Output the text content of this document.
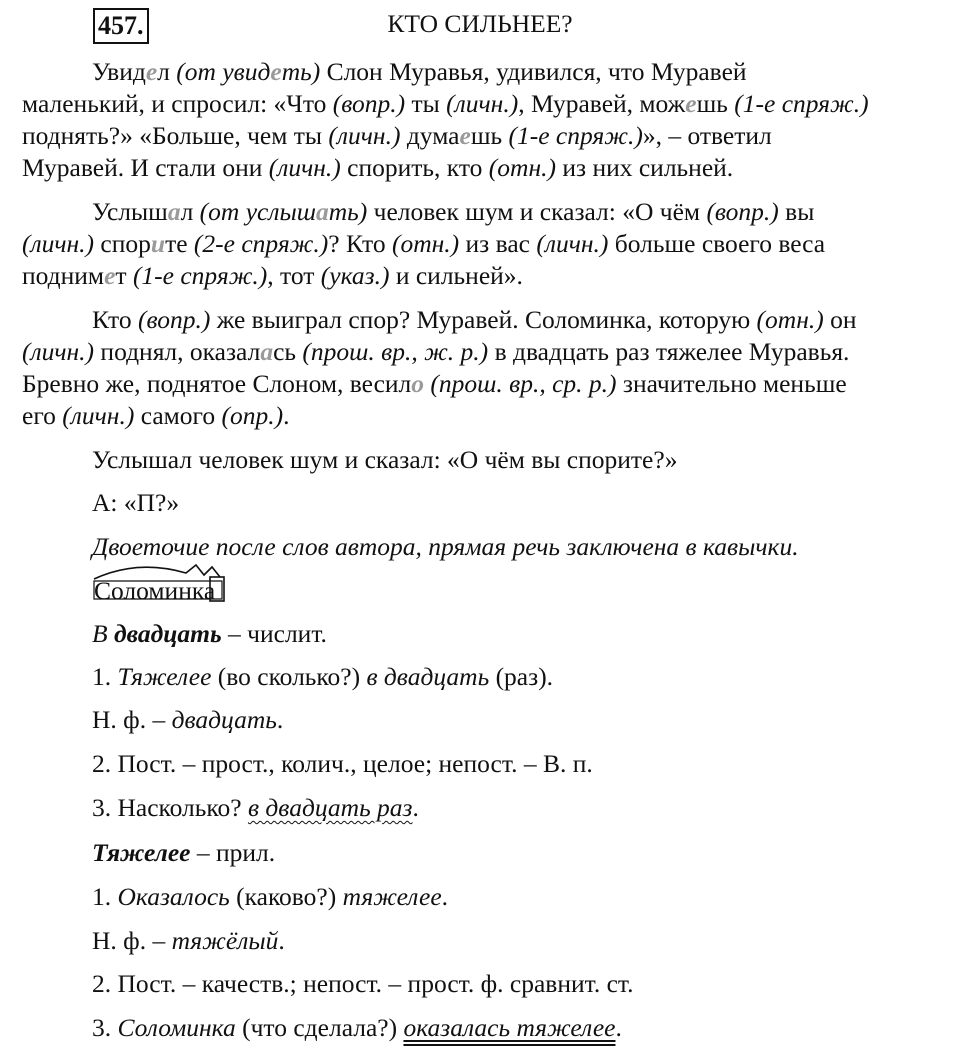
457.	КТО СИЛЬНЕЕ?
Увидел (от увидеть) Слон Муравья, удивился, что Муравей
маленький, и спросил: «Что (вопр.) ты (личн.), Муравей, можешь (1-е спряж.)
поднять?» «Больше, чем ты (личн.) думаешь (1-е спряж.)», – ответил
Муравей. И стали они (личн.) спорить, кто (отн.) из них сильней.
Услышал (от услышать) человек шум и сказал: «О чём (вопр.) вы
(личн.) спорите (2-е спряж.)? Кто (отн.) из вас (личн.) больше своего веса
поднимет (1-е спряж.), тот (указ.) и сильней».
Кто (вопр.) же выиграл спор? Муравей. Соломинка, которую (отн.) он
(личн.) поднял, оказалась (прош. вр., ж. р.) в двадцать раз тяжелее Муравья.
Бревно же, поднятое Слоном, весило (прош. вр., ср. р.) значительно меньше
его (личн.) самого (опр.).
Услышал человек шум и сказал: «О чём вы спорите?»
А: «П?»
Двоеточие после слов автора, прямая речь заключена в кавычки.
Соломинка
В двадцать – числит.
1. Тяжелее (во сколько?) в двадцать (раз).
Н. ф. – двадцать.
2. Пост. – прост., колич., целое; непост. – В. п.
3. Насколько? в двадцать раз.
Тяжелее – прил.
1. Оказалось (каково?) тяжелее.
Н. ф. – тяжёлый.
2. Пост. – качеств.; непост. – прост. ф. сравнит. ст.
3. Соломинка (что сделала?) оказалась тяжелее.
